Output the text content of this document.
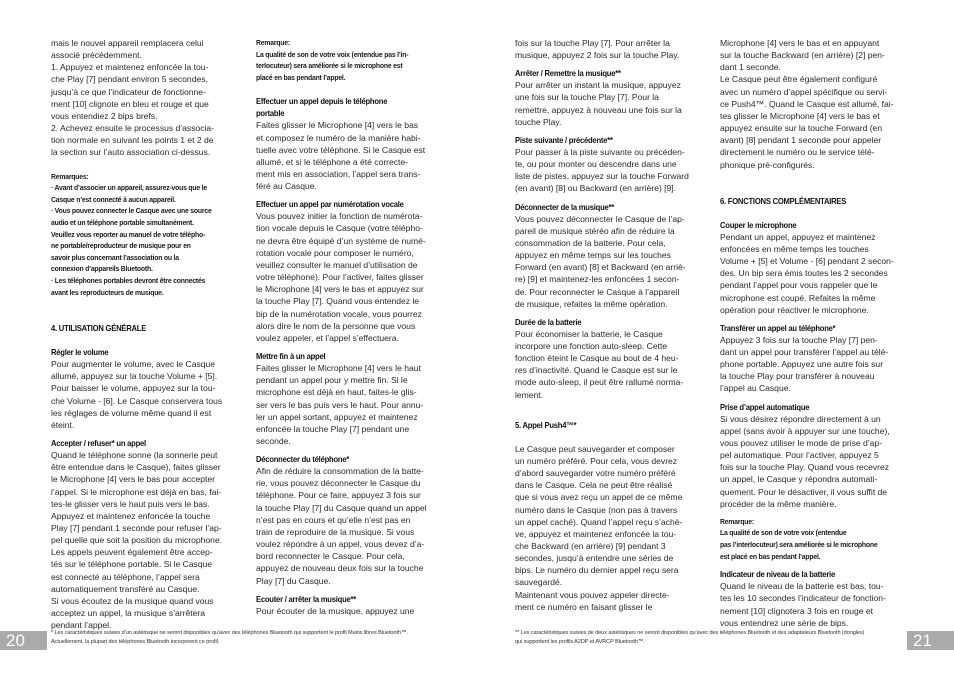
mais le nouvel appareil remplacera celui
associé précédemment.
1. Appuyez et maintenez enfoncée la tou-
che Play [7] pendant environ 5 secondes,
jusqu’à ce que l’indicateur de fonctionne-
ment [10] clignote en bleu et rouge et que
vous entendiez 2 bips brefs.
2. Achevez ensuite le processus d’associa-
tion normale en suivant les points 1 et 2 de
la section sur l’auto association ci-dessus.
Remarques:
· Avant d’associer un appareil, assurez-vous que le
Casque n’est connecté à aucun appareil.
· Vous pouvez connecter le Casque avec une source
audio et un téléphone portable simultanément.
Veuillez vous reporter au manuel de votre télépho-
ne portable/reproducteur de musique pour en
savoir plus concernant l’association ou la
connexion d’appareils Bluetooth.
· Les téléphones portables devront être connectés
avant les reproducteurs de musique.
4. UTILISATION GÉNÉRALE
Régler le volume
Pour augmenter le volume, avec le Casque
allumé, appuyez sur la touche Volume + [5].
Pour baisser le volume, appuyez sur la tou-
che Volume - [6]. Le Casque conservera tous
les réglages de volume même quand il est
éteint.
Accepter / refuser* un appel
Quand le téléphone sonne (la sonnerie peut
être entendue dans le Casque), faites glisser
le Microphone [4] vers le bas pour accepter
l’appel. Si le microphone est déjà en bas, fai-
tes-le glisser vers le haut puis vers le bas.
Appuyez et maintenez enfoncée la touche
Play [7] pendant 1 seconde pour refuser l’ap-
pel quelle que soit la position du microphone.
Les appels peuvent également être accep-
tés sur le téléphone portable. Si le Casque
est connecté au téléphone, l’appel sera
automatiquement transféré au Casque.
Si vous écoutez de la musique quand vous
acceptez un appel, la musique s’arrêtera
pendant l’appel.
Remarque:
La qualité de son de votre voix (entendue pas l’in-
terlocuteur) sera améliorée si le microphone est
placé en bas pendant l’appel.
Effectuer un appel depuis le téléphone
portable
Faites glisser le Microphone [4] vers le bas
et composez le numéro de la manière habi-
tuelle avec votre téléphone. Si le Casque est
allumé, et si le téléphone a été correcte-
ment mis en association, l’appel sera trans-
féré au Casque.
Effectuer un appel par numérotation vocale
Vous pouvez initier la fonction de numérota-
tion vocale depuis le Casque (votre télépho-
ne devra être équipé d’un système de numé-
rotation vocale pour composer le numéro,
veuillez consulter le manuel d’utilisation de
votre téléphone). Pour l’activer, faites glisser
le Microphone [4] vers le bas et appuyez sur
la touche Play [7]. Quand vous entendez le
bip de la numérotation vocale, vous pourrez
alors dire le nom de la personne que vous
voulez appeler, et l’appel s’effectuera.
Mettre fin à un appel
Faites glisser le Microphone [4] vers le haut
pendant un appel pour y mettre fin. Si le
microphone est déjà en haut, faites-le glis-
ser vers le bas puis vers le haut. Pour annu-
ler un appel sortant, appuyez et maintenez
enfoncée la touche Play [7] pendant une
seconde.
Déconnecter du téléphone*
Afin de réduire la consommation de la batte-
rie, vous pouvez déconnecter le Casque du
téléphone. Pour ce faire, appuyez 3 fois sur
la touche Play [7] du Casque quand un appel
n’est pas en cours et qu’elle n’est pas en
train de reproduire de la musique. Si vous
voulez répondre à un appel, vous devez d’a-
bord reconnecter le Casque. Pour cela,
appuyez de nouveau deux fois sur la touche
Play [7] du Casque.
Ecouter / arrêter la musique**
Pour écouter de la musique, appuyez une
fois sur la touche Play [7]. Pour arrêter la
musique, appuyez 2 fois sur la touche Play.
Arrêter / Remettre la musique**
Pour arrêter un instant la musique, appuyez
une fois sur la touche Play [7]. Pour la
remettre, appuyez à nouveau une fois sur la
touche Play.
Piste suivante / précédente**
Pour passer à la piste suivante ou précéden-
te, ou pour monter ou descendre dans une
liste de pistes, appuyez sur la touche Forward
(en avant) [8] ou Backward (en arrière) [9].
Déconnecter de la musique**
Vous pouvez déconnecter le Casque de l’ap-
pareil de musique stéréo afin de réduire la
consommation de la batterie. Pour cela,
appuyez en même temps sur les touches
Forward (en avant) [8] et Backward (en arriè-
re) [9] et maintenez-les enfoncées 1 secon-
de. Pour reconnecter le Casque à l’appareil
de musique, refaites la même opération.
Durée de la batterie
Pour économiser la batterie, le Casque
incorpore une fonction auto-sleep. Cette
fonction éteint le Casque au bout de 4 heu-
res d’inactivité. Quand le Casque est sur le
mode auto-sleep, il peut être rallumé norma-
lement.
5. Appel Push4™*
Le Casque peut sauvegarder et composer
un numéro préféré. Pour cela, vous devrez
d’abord sauvegarder votre numéro préféré
dans le Casque. Cela ne peut être réalisé
que si vous avez reçu un appel de ce même
numéro dans le Casque (non pas à travers
un appel caché). Quand l’appel reçu s’achè-
ve, appuyez et maintenez enfoncée la tou-
che Backward (en arrière) [9] pendant 3
secondes, jusqu’à entendre une séries de
bips. Le numéro du dernier appel reçu sera
sauvegardé.
Maintenant vous pouvez appeler directe-
ment ce numéro en faisant glisser le
Microphone [4] vers le bas et en appuyant
sur la touche Backward (en arrière) [2] pen-
dant 1 seconde.
Le Casque peut être également configuré
avec un numéro d’appel spécifique ou servi-
ce Push4™. Quand le Casque est allumé, fai-
tes glisser le Microphone [4] vers le bas et
appuyez ensuite sur la touche Forward (en
avant) [8] pendant 1 seconde pour appeler
directement le numéro ou le service télé-
phonique pré-configurés.
6. FONCTIONS COMPLÉMENTAIRES
Couper le microphone
Pendant un appel, appuyez et maintenez
enfoncées en même temps les touches
Volume + [5] et Volume - [6] pendant 2 secon-
des. Un bip sera émis toutes les 2 secondes
pendant l’appel pour vous rappeler que le
microphone est coupé. Refaites la même
opération pour réactiver le microphone.
Transférer un appel au téléphone*
Appuyez 3 fois sur la touche Play [7] pen-
dant un appel pour transférer l’appel au télé-
phone portable. Appuyez une autre fois sur
la touche Play pour transférer à nouveau
l’appel au Casque.
Prise d’appel automatique
Si vous désirez répondre directement à un
appel (sans avoir à appuyer sur une touche),
vous pouvez utiliser le mode de prise d’ap-
pel automatique. Pour l’activer, appuyez 5
fois sur la touche Play. Quand vous recevrez
un appel, le Casque y répondra automati-
quement. Pour le désactiver, il vous suffit de
procéder de la même manière.
Remarque:
La qualité de son de votre voix (entendue
pas l’interlocuteur) sera améliorée si le microphone
est placé en bas pendant l’appel.
Indicateur de niveau de la batterie
Quand le niveau de la batterie est bas, tou-
tes les 10 secondes l’indicateur de fonction-
nement [10] clignotera 3 fois en rouge et
vous entendrez une série de bips.
20	21
* Les caractéristiques suivies d’un astérisque ne seront disponibles qu’avec des téléphones Bluetooth qui supportent le profil Mains libres Bluetooth™.
Actuellement, la plupart des téléphones Bluetooth incorporent ce profil.
** Les caractéristiques suivies de deux astérisques ne seront disponibles qu’avec des téléphones Bluetooth et des adaptateurs Bluetooth (dongles)
qui supportent les profils A2DP et AVRCP Bluetooth™.
